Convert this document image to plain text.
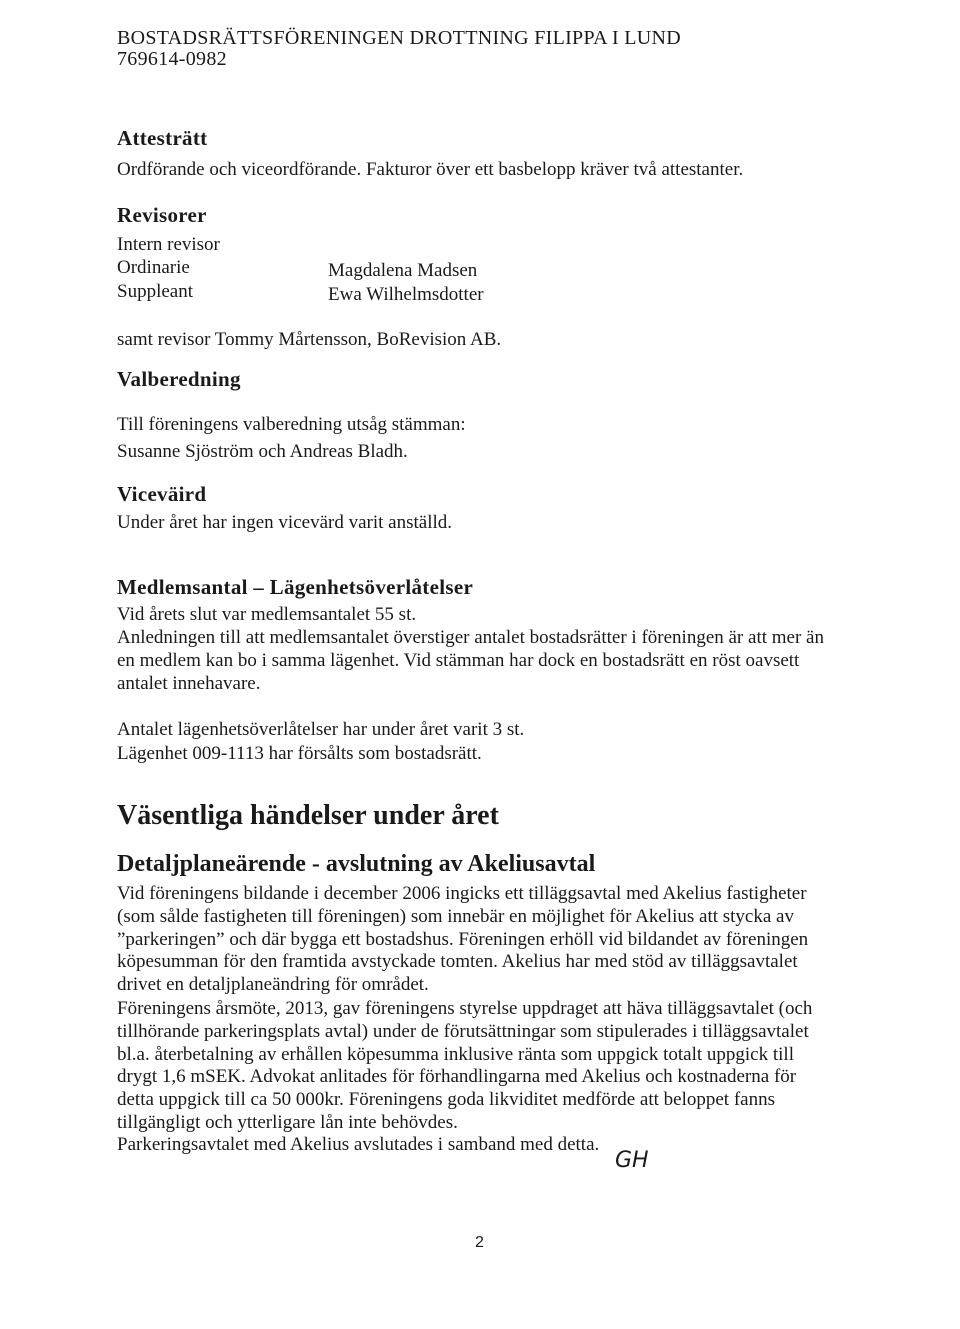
BOSTADSRÄTTSFÖRENINGEN DROTTNING FILIPPA I LUND
769614-0982
Attesträtt
Ordförande och viceordförande. Fakturor över ett basbelopp kräver två attestanter.
Revisorer
Intern revisor
Ordinarie	Magdalena Madsen
Suppleant	Ewa Wilhelmsdotter
samt revisor Tommy Mårtensson, BoRevision AB.
Valberedning
Till föreningens valberedning utsåg stämman:
Susanne Sjöström och Andreas Bladh.
Viceväird
Under året har ingen vicevärd varit anställd.
Medlemsantal – Lägenhetsöverlåtelser
Vid årets slut var medlemsantalet 55 st.
Anledningen till att medlemsantalet överstiger antalet bostadsrätter i föreningen är att mer än
en medlem kan bo i samma lägenhet. Vid stämman har dock en bostadsrätt en röst oavsett
antalet innehavare.
Antalet lägenhetsöverlåtelser har under året varit 3 st.
Lägenhet 009-1113 har försålts som bostadsrätt.
Väsentliga händelser under året
Detaljplaneärende - avslutning av Akeliusavtal
Vid föreningens bildande i december 2006 ingicks ett tilläggsavtal med Akelius fastigheter
(som sålde fastigheten till föreningen) som innebär en möjlighet för Akelius att stycka av
”parkeringen” och där bygga ett bostadshus. Föreningen erhöll vid bildandet av föreningen
köpesumman för den framtida avstyckade tomten. Akelius har med stöd av tilläggsavtalet
drivet en detaljplaneändring för området.
Föreningens årsmöte, 2013, gav föreningens styrelse uppdraget att häva tilläggsavtalet (och
tillhörande parkeringsplats avtal) under de förutsättningar som stipulerades i tilläggsavtalet
bl.a. återbetalning av erhållen köpesumma inklusive ränta som uppgick totalt uppgick till
drygt 1,6 mSEK. Advokat anlitades för förhandlingarna med Akelius och kostnaderna för
detta uppgick till ca 50 000kr. Föreningens goda likviditet medförde att beloppet fanns
tillgängligt och ytterligare lån inte behövdes.
Parkeringsavtalet med Akelius avslutades i samband med detta.
GH
2
